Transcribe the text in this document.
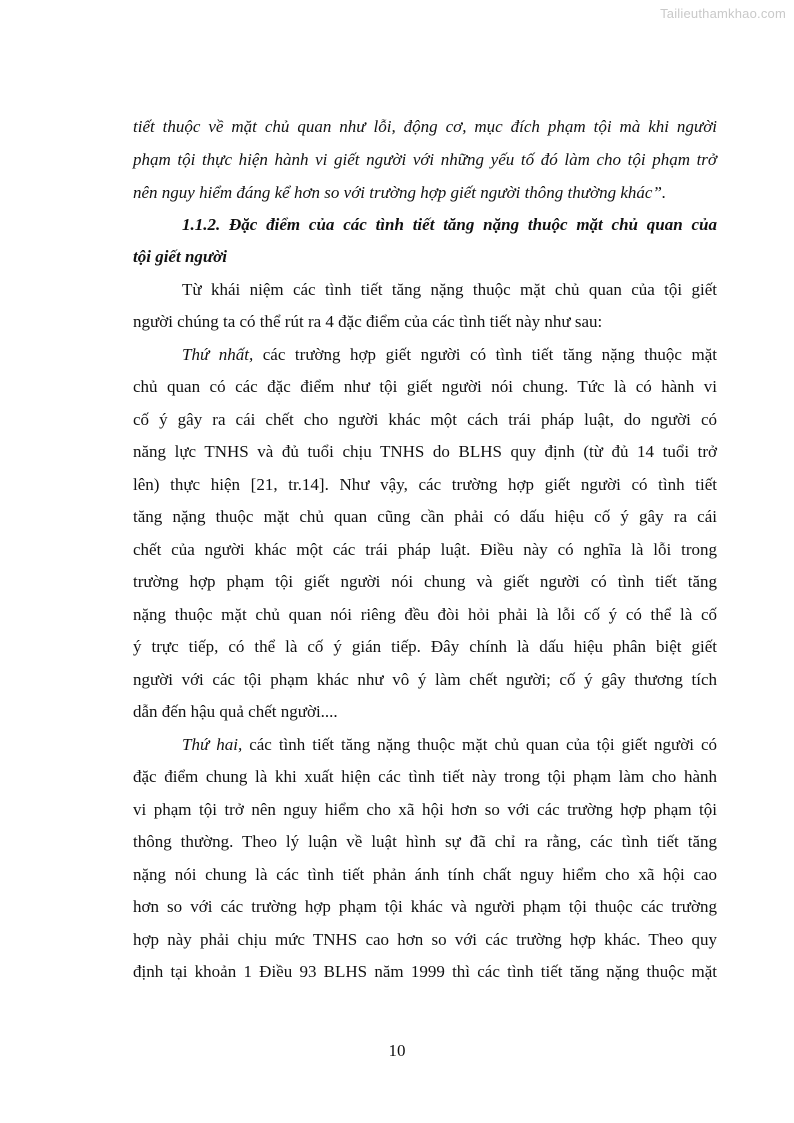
Tailieuthamkhao.com
tiết thuộc về mặt chủ quan như lỗi, động cơ, mục đích phạm tội mà khi người
phạm tội thực hiện hành vi giết người với những yếu tố đó làm cho tội phạm trở
nên nguy hiểm đáng kể hơn so với trường hợp giết người thông thường khác”.
1.1.2. Đặc điểm của các tình tiết tăng nặng thuộc mặt chủ quan của
tội giết người
Từ khái niệm các tình tiết tăng nặng thuộc mặt chủ quan của tội giết
người chúng ta có thể rút ra 4 đặc điểm của các tình tiết này như sau:
Thứ nhất, các trường hợp giết người có tình tiết tăng nặng thuộc mặt
chủ quan có các đặc điểm như tội giết người nói chung. Tức là có hành vi
cố ý gây ra cái chết cho người khác một cách trái pháp luật, do người có
năng lực TNHS và đủ tuổi chịu TNHS do BLHS quy định (từ đủ 14 tuổi trở
lên) thực hiện [21, tr.14]. Như vậy, các trường hợp giết người có tình tiết
tăng nặng thuộc mặt chủ quan cũng cần phải có dấu hiệu cố ý gây ra cái
chết của người khác một các trái pháp luật. Điều này có nghĩa là lỗi trong
trường hợp phạm tội giết người nói chung và giết người có tình tiết tăng
nặng thuộc mặt chủ quan nói riêng đều đòi hỏi phải là lỗi cố ý có thể là cố
ý trực tiếp, có thể là cố ý gián tiếp. Đây chính là dấu hiệu phân biệt giết
người với các tội phạm khác như vô ý làm chết người; cố ý gây thương tích
dẫn đến hậu quả chết người....
Thứ hai, các tình tiết tăng nặng thuộc mặt chủ quan của tội giết người có
đặc điểm chung là khi xuất hiện các tình tiết này trong tội phạm làm cho hành
vi phạm tội trở nên nguy hiểm cho xã hội hơn so với các trường hợp phạm tội
thông thường. Theo lý luận về luật hình sự đã chỉ ra rằng, các tình tiết tăng
nặng nói chung là các tình tiết phản ánh tính chất nguy hiểm cho xã hội cao
hơn so với các trường hợp phạm tội khác và người phạm tội thuộc các trường
hợp này phải chịu mức TNHS cao hơn so với các trường hợp khác. Theo quy
định tại khoản 1 Điều 93 BLHS năm 1999 thì các tình tiết tăng nặng thuộc mặt
10
